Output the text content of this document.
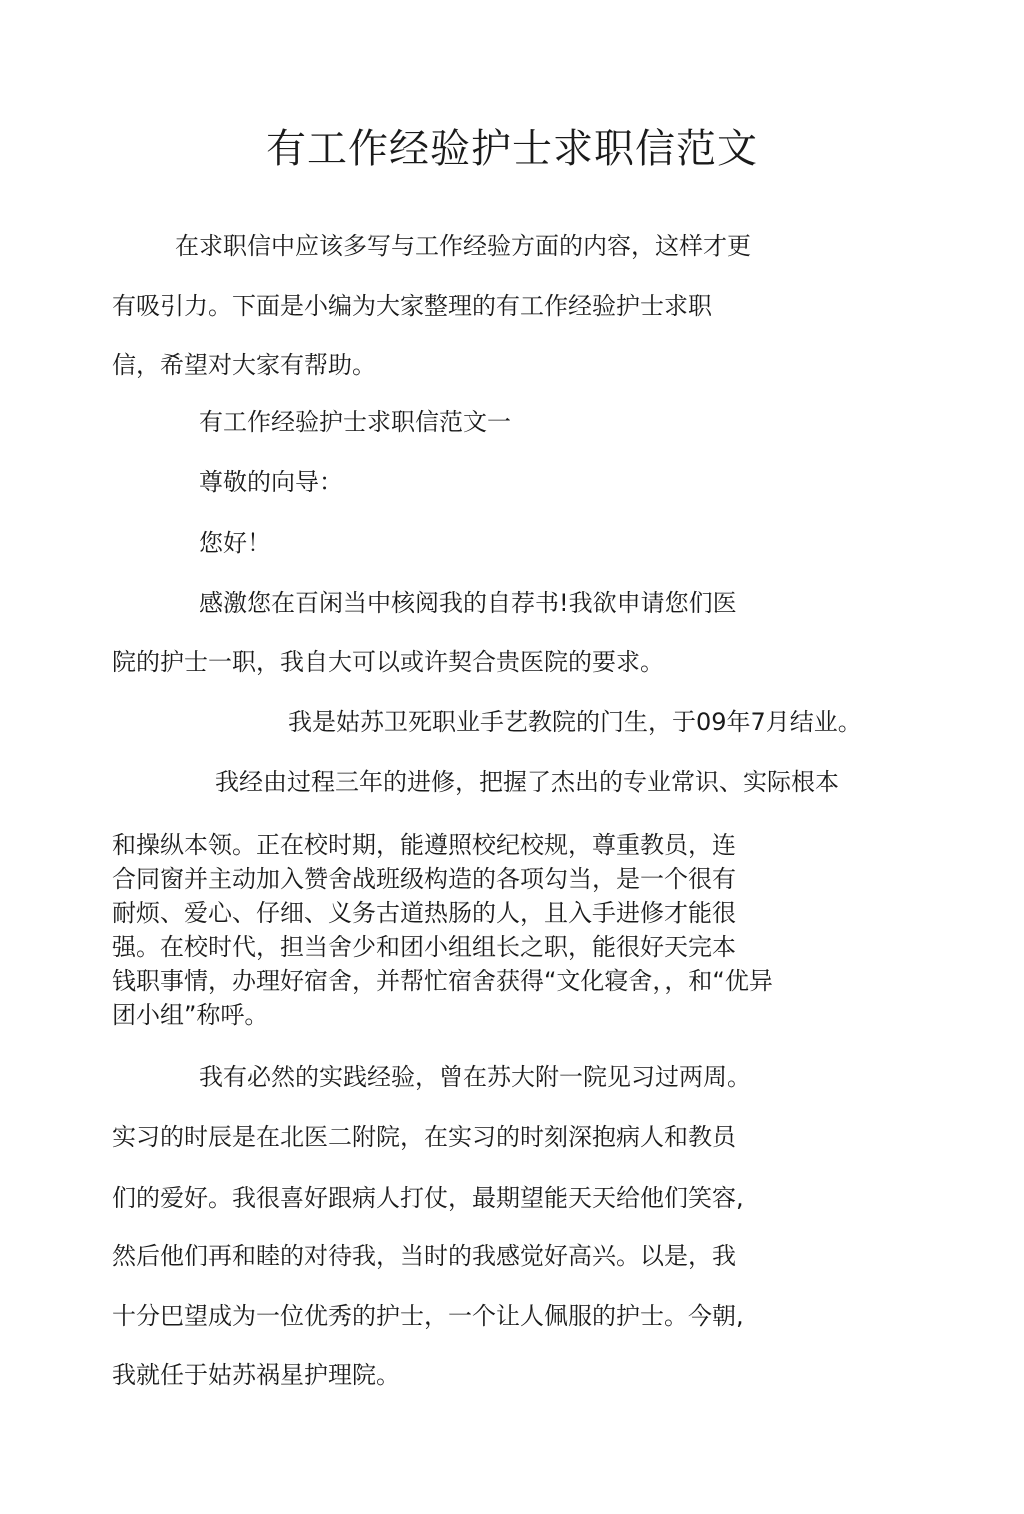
有工作经验护士求职信范文
在求职信中应该多写与工作经验方面的内容，这样才更
有吸引力。下面是小编为大家整理的有工作经验护士求职
信，希望对大家有帮助。
有工作经验护士求职信范文一
尊敬的向导：
您好！
感激您在百闲当中核阅我的自荐书!我欲申请您们医
院的护士一职，我自大可以或许契合贵医院的要求。
我是姑苏卫死职业手艺教院的门生，于09年7月结业。
我经由过程三年的进修，把握了杰出的专业常识、实际根本
和操纵本领。正在校时期，能遵照校纪校规，尊重教员，连
合同窗并主动加入赞舍战班级构造的各项勾当，是一个很有
耐烦、爱心、仔细、义务古道热肠的人，且入手进修才能很
强。在校时代，担当舍少和团小组组长之职，能很好天完本
钱职事情，办理好宿舍，并帮忙宿舍获得“文化寝舍，，和“优异
团小组”称呼。
我有必然的实践经验，曾在苏大附一院见习过两周。
实习的时辰是在北医二附院，在实习的时刻深抱病人和教员
们的爱好。我很喜好跟病人打仗，最期望能天天给他们笑容,
然后他们再和睦的对待我，当时的我感觉好高兴。以是，我
十分巴望成为一位优秀的护士，一个让人佩服的护士。今朝,
我就任于姑苏祸星护理院。
